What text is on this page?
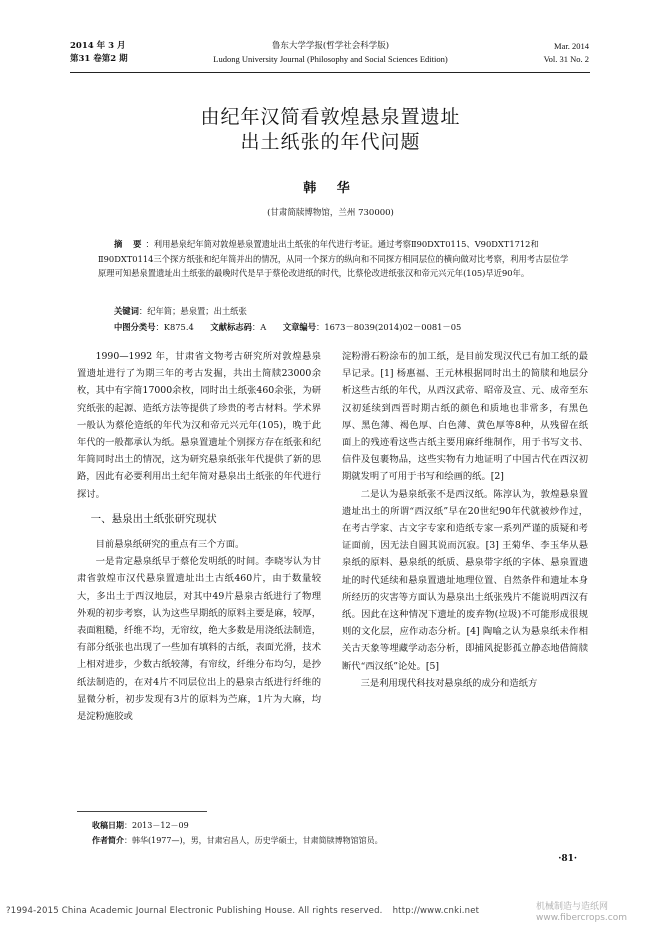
2014 年 3 月
第31 卷第2 期
鲁东大学学报(哲学社会科学版)
Ludong University Journal (Philosophy and Social Sciences Edition)
Mar. 2014
Vol. 31 No. 2
由纪年汉简看敦煌悬泉置遗址
出土纸张的年代问题
韩 华
(甘肃简牍博物馆，兰州 730000)
摘 要：利用悬泉纪年简对敦煌悬泉置遗址出土纸张的年代进行考证。通过考察Ⅱ90DXT0115、Ⅴ90DXT1712和Ⅱ90DXT0114三个探方纸张和纪年简并出的情况，从同一个探方的纵向和不同探方相同层位的横向做对比考察，利用考古层位学原理可知悬泉置遗址出土纸张的最晚时代是早于蔡伦改进纸的时代，比蔡伦改进纸张汉和帝元兴元年(105)早近90年。
关键词：纪年简；悬泉置；出土纸张
中图分类号：K875.4 文献标志码：A 文章编号：1673－8039(2014)02－0081－05

1990—1992 年，甘肃省文物考古研究所对敦煌悬泉置遗址进行了为期三年的考古发掘，共出土简牍23000余枚，其中有字简17000余枚，同时出土纸张460余张，为研究纸张的起源、造纸方法等提供了珍贵的考古材料。学术界一般认为蔡伦造纸的年代为汉和帝元兴元年(105)，晚于此年代的一般都承认为纸。悬泉置遗址个别探方存在纸张和纪年简同时出土的情况，这为研究悬泉纸张年代提供了新的思路，因此有必要利用出土纪年简对悬泉出土纸张的年代进行探讨。

一、悬泉出土纸张研究现状

目前悬泉纸研究的重点有三个方面。

一是肯定悬泉纸早于蔡伦发明纸的时间。李晓岑认为甘肃省敦煌市汉代悬泉置遗址出土古纸460片，由于数量较大，多出土于西汉地层，对其中49片悬泉古纸进行了物理外观的初步考察，认为这些早期纸的原料主要是麻，较厚，表面粗糙，纤维不均，无帘纹，绝大多数是用浇纸法制造，有部分纸张也出现了一些加有填料的古纸，表面光滑，技术上相对进步，少数古纸较薄，有帘纹，纤维分布均匀，是抄纸法制造的，在对4片不同层位出上的悬泉古纸进行纤维的显微分析，初步发现有3片的原料为苎麻，1片为大麻，均是淀粉施胶或

淀粉滑石粉涂布的加工纸，是目前发现汉代已有加工纸的最早记录。[1] 杨惠福、王元林根据同时出土的简牍和地层分析这些古纸的年代，从西汉武帝、昭帝及宣、元、成帝至东汉初延续到西晋时期古纸的颜色和质地也非常多，有黑色厚、黑色薄、褐色厚、白色薄、黄色厚等8种，从残留在纸面上的残迹看这些古纸主要用麻纤维制作，用于书写文书、信件及包裹物品，这些实物有力地证明了中国古代在西汉初期就发明了可用于书写和绘画的纸。[2]

二是认为悬泉纸张不是西汉纸。陈淳认为，敦煌悬泉置遗址出土的所谓“西汉纸”早在20世纪90年代就被炒作过，在考古学家、古文字专家和造纸专家一系列严谨的质疑和考证面前，因无法自圆其说而沉寂。[3] 王菊华、李玉华从悬泉纸的原料、悬泉纸的纸质、悬泉带字纸的字体、悬泉置遗址的时代延续和悬泉置遗址地理位置、自然条件和遗址本身所经历的灾害等方面认为悬泉出土纸张残片不能说明西汉有纸。因此在这种情况下遗址的废弃物(垃圾)不可能形成很规则的文化层，应作动态分析。[4] 陶喻之认为悬泉纸未作相关古天象等埋藏学动态分析，即捕风捉影孤立静态地借简牍断代“西汉纸”论处。[5]

三是利用现代科技对悬泉纸的成分和造纸方

收稿日期：2013－12－09
作者简介：韩华(1977—)，男，甘肃宕昌人，历史学硕士，甘肃简牍博物馆馆员。
·81·
?1994-2015 China Academic Journal Electronic Publishing House. All rights reserved. http://www.cnki.net	机械制造与造纸网
www.fibercrops.com
